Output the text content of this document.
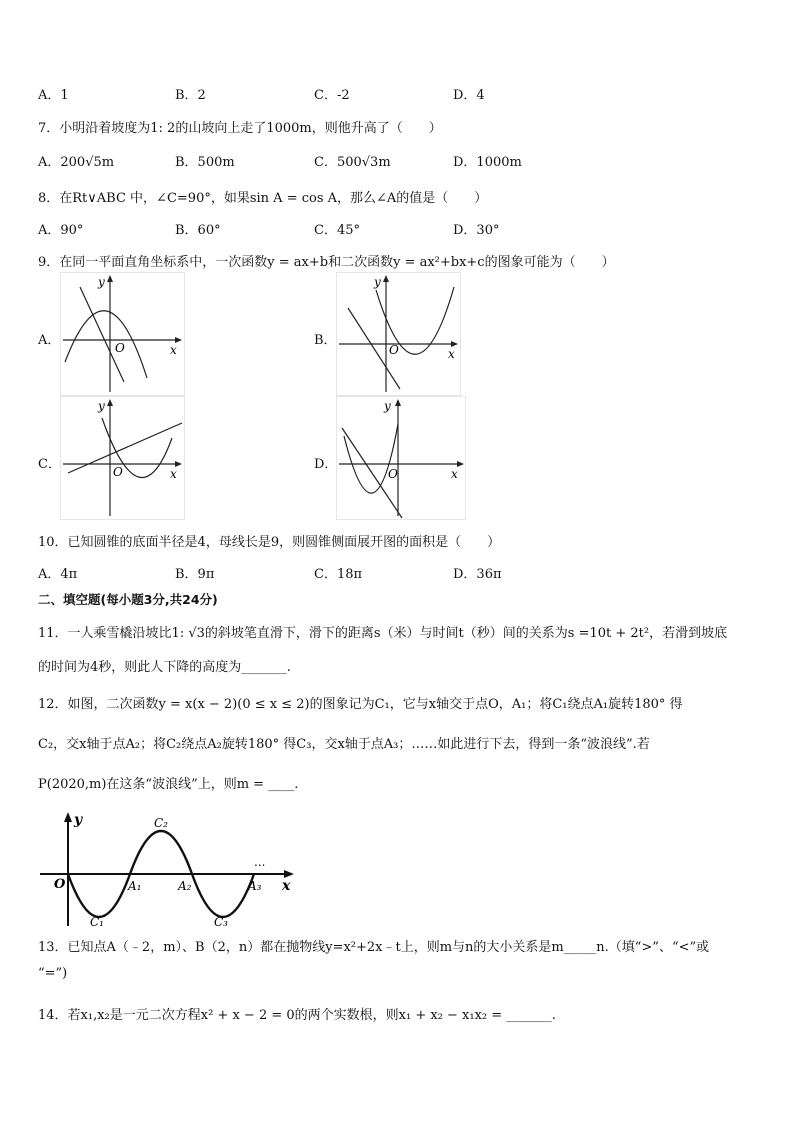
A．1	B．2	C．-2	D．4
7．小明沿着坡度为1: 2的山坡向上走了1000m，则他升高了（　　）
A．200√5m	B．500m	C．500√3m	D．1000m
8．在Rt∨ABC 中，∠C=90°，如果sin A = cos A，那么∠A的值是（　　）
A．90°	B．60°	C．45°	D．30°
9．在同一平面直角坐标系中，一次函数y = ax+b和二次函数y = ax²+bx+c的图象可能为（　　）
A．
y
x
O	B．
y
x
O
C．
y
x
O	D．
y
x
O
10．已知圆锥的底面半径是4，母线长是9，则圆锥侧面展开图的面积是（　　）
A．4π	B．9π	C．18π	D．36π
二、填空题(每小题3分,共24分)
11．一人乘雪橇沿坡比1: √3的斜坡笔直滑下，滑下的距离s（米）与时间t（秒）间的关系为s =10t + 2t²，若滑到坡底
的时间为4秒，则此人下降的高度为_______.
12．如图，二次函数y = x(x − 2)(0 ≤ x ≤ 2)的图象记为C₁，它与x轴交于点O，A₁；将C₁绕点A₁旋转180° 得
C₂，交x轴于点A₂；将C₂绕点A₂旋转180° 得C₃，交x轴于点A₃；……如此进行下去，得到一条“波浪线”.若
P(2020,m)在这条“波浪线”上，则m = ____.
y
x
O	A₁	A₂	A₃
C₁
C₂
C₃
...
13．已知点A（﹣2，m）、B（2，n）都在抛物线y=x²+2x﹣t上，则m与n的大小关系是m_____n.（填“>”、“<”或
“=”)
14．若x₁,x₂是一元二次方程x² + x − 2 = 0的两个实数根，则x₁ + x₂ − x₁x₂ = _______.
